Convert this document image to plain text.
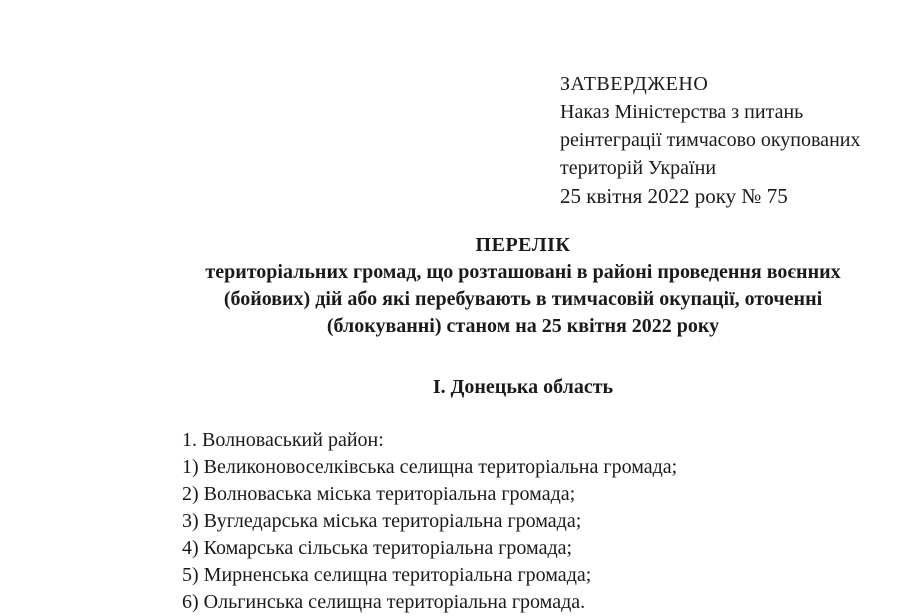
ЗАТВЕРДЖЕНО
Наказ Міністерства з питань
реінтеграції тимчасово окупованих
територій України
25 квітня 2022 року № 75
ПЕРЕЛІК
територіальних громад, що розташовані в районі проведення воєнних
(бойових) дій або які перебувають в тимчасовій окупації, оточенні
(блокуванні) станом на 25 квітня 2022 року
І. Донецька область
1. Волноваський район:
1) Великоновоселківська селищна територіальна громада;
2) Волноваська міська територіальна громада;
3) Вугледарська міська територіальна громада;
4) Комарська сільська територіальна громада;
5) Мирненська селищна територіальна громада;
6) Ольгинська селищна територіальна громада.
